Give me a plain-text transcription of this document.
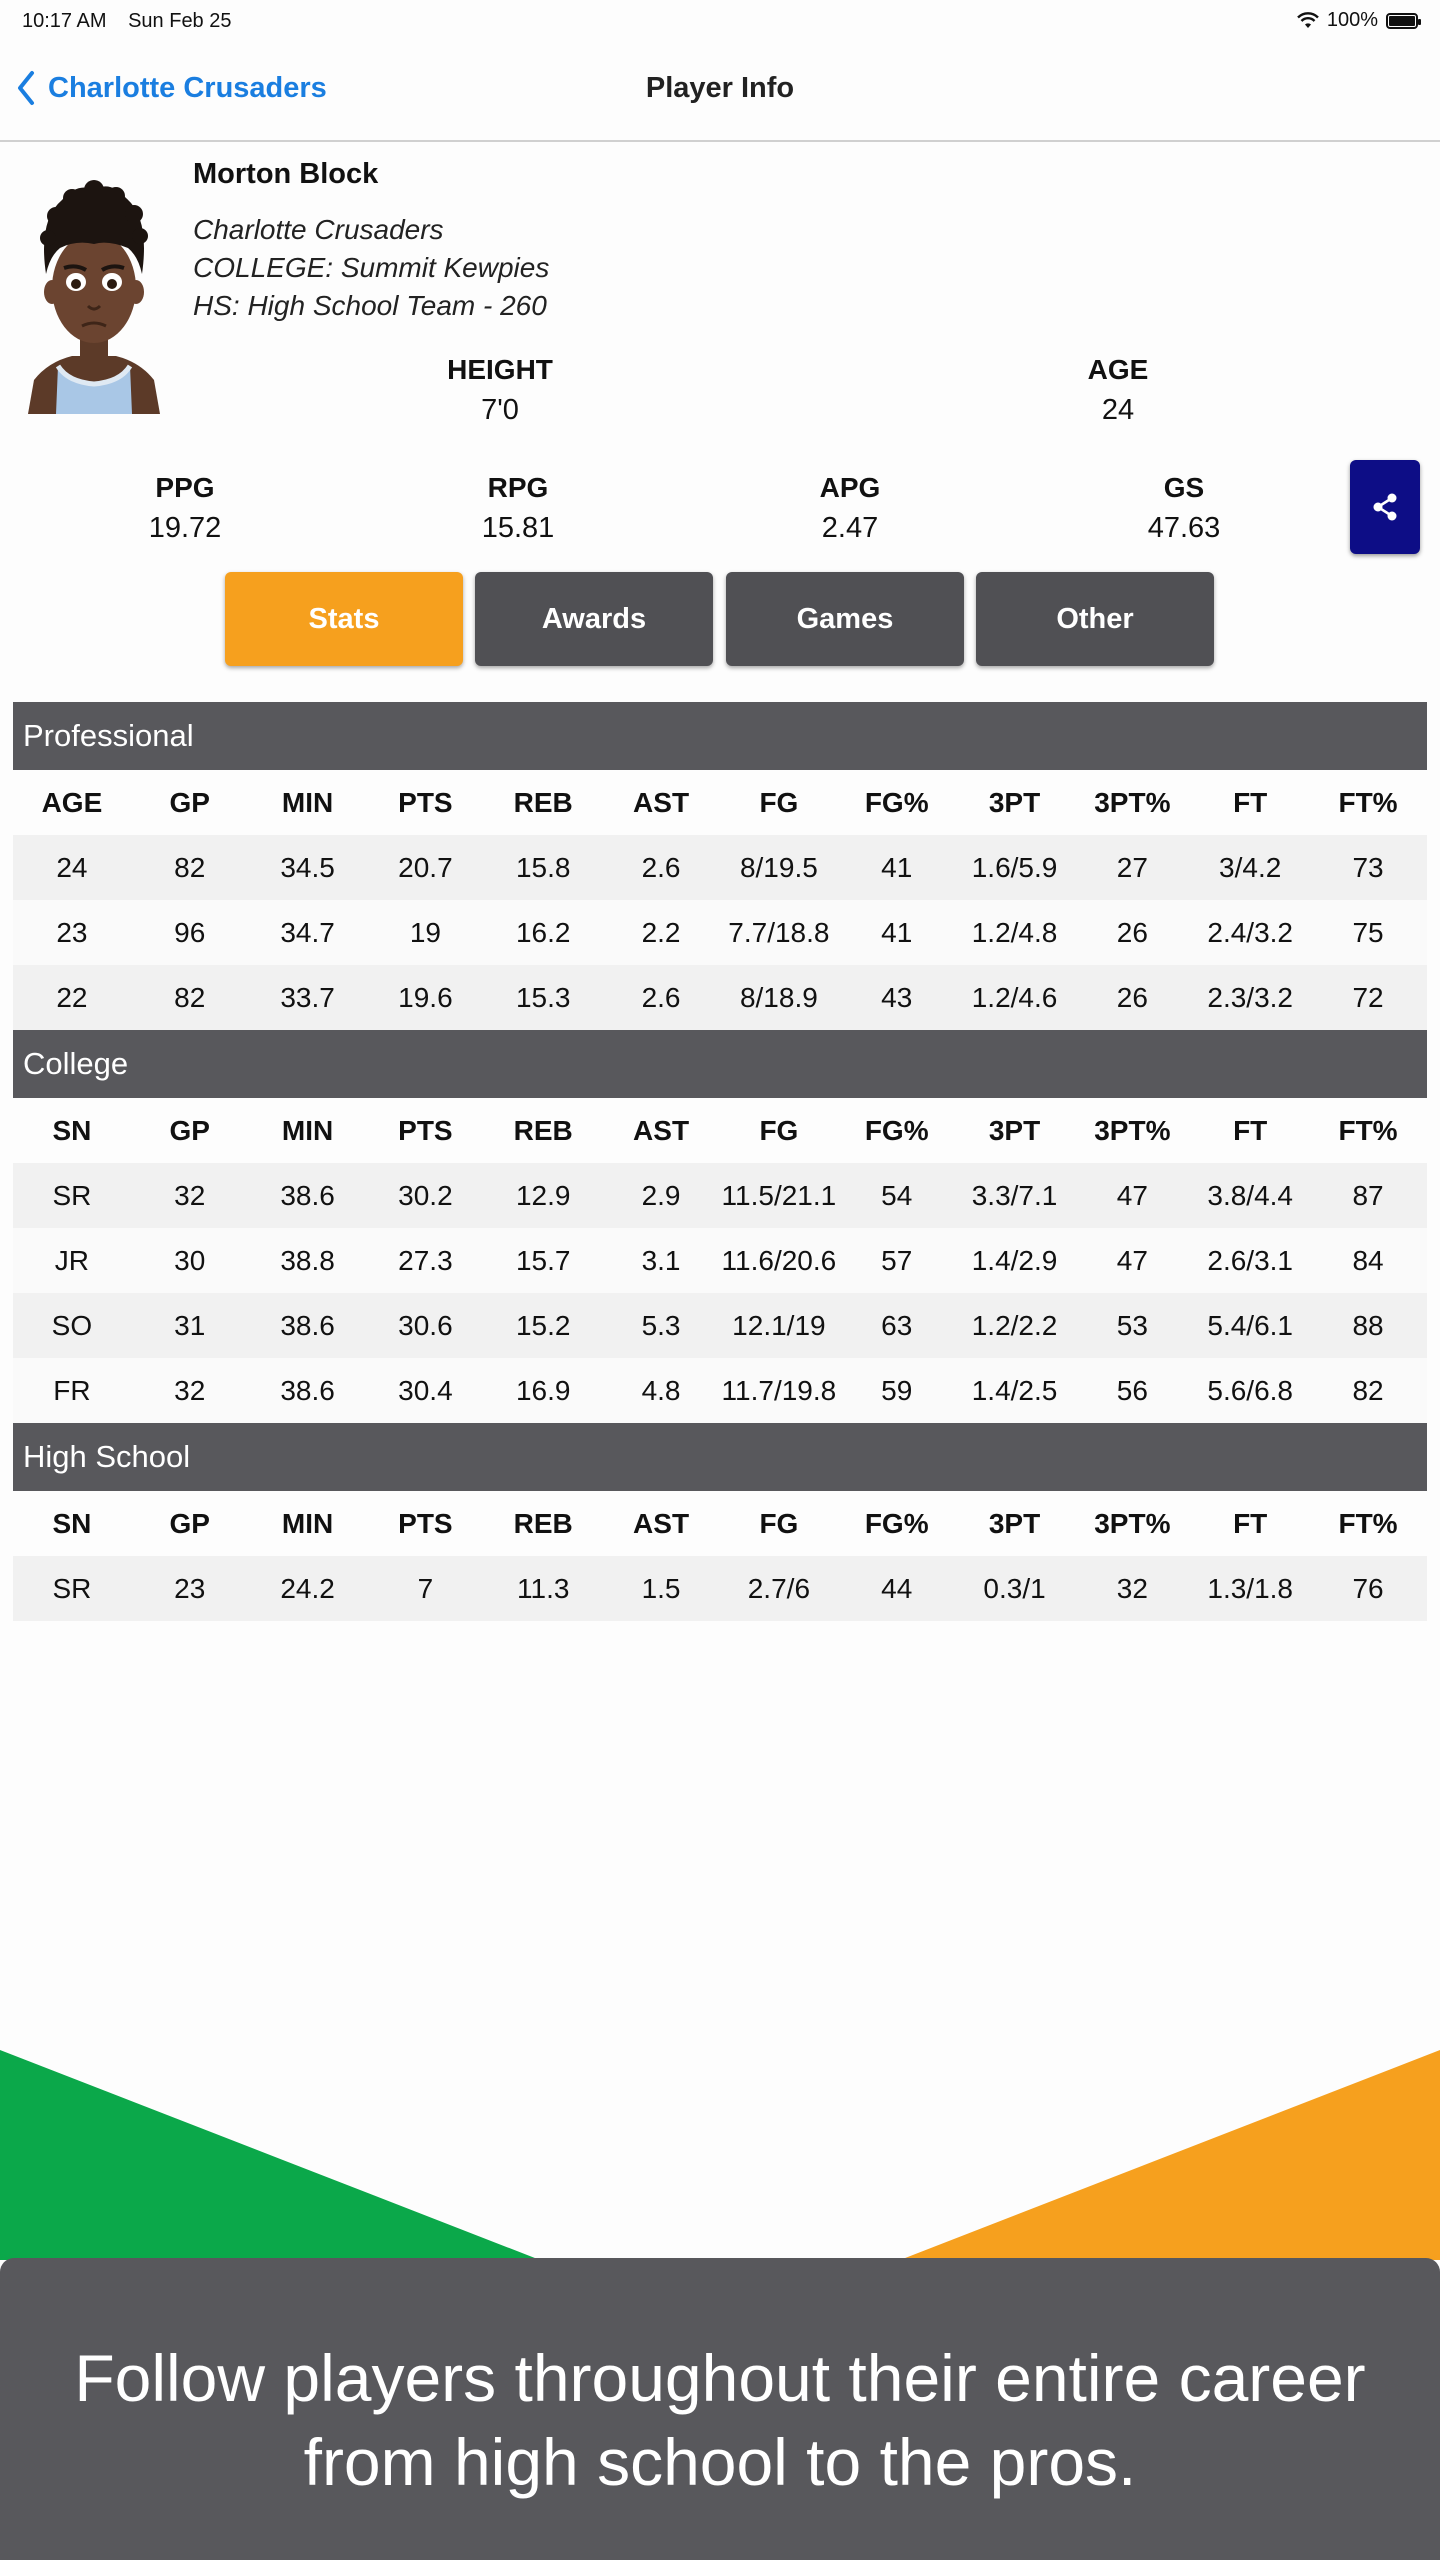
10:17 AM Sun Feb 25	100%
Charlotte Crusaders	Player Info
Morton Block
Charlotte Crusaders
COLLEGE: Summit Kewpies
HS: High School Team - 260
HEIGHT
7'0
AGE
24
PPG
19.72
RPG
15.81
APG
2.47
GS
47.63
Stats	Awards	Games	Other
Professional
AGE	GP	MIN	PTS	REB	AST	FG	FG%	3PT	3PT%	FT	FT%
24	82	34.5	20.7	15.8	2.6	8/19.5	41	1.6/5.9	27	3/4.2	73
23	96	34.7	19	16.2	2.2	7.7/18.8	41	1.2/4.8	26	2.4/3.2	75
22	82	33.7	19.6	15.3	2.6	8/18.9	43	1.2/4.6	26	2.3/3.2	72
College
SN	GP	MIN	PTS	REB	AST	FG	FG%	3PT	3PT%	FT	FT%
SR	32	38.6	30.2	12.9	2.9	11.5/21.1	54	3.3/7.1	47	3.8/4.4	87
JR	30	38.8	27.3	15.7	3.1	11.6/20.6	57	1.4/2.9	47	2.6/3.1	84
SO	31	38.6	30.6	15.2	5.3	12.1/19	63	1.2/2.2	53	5.4/6.1	88
FR	32	38.6	30.4	16.9	4.8	11.7/19.8	59	1.4/2.5	56	5.6/6.8	82
High School
SN	GP	MIN	PTS	REB	AST	FG	FG%	3PT	3PT%	FT	FT%
SR	23	24.2	7	11.3	1.5	2.7/6	44	0.3/1	32	1.3/1.8	76
Follow players throughout their entire career
from high school to the pros.
